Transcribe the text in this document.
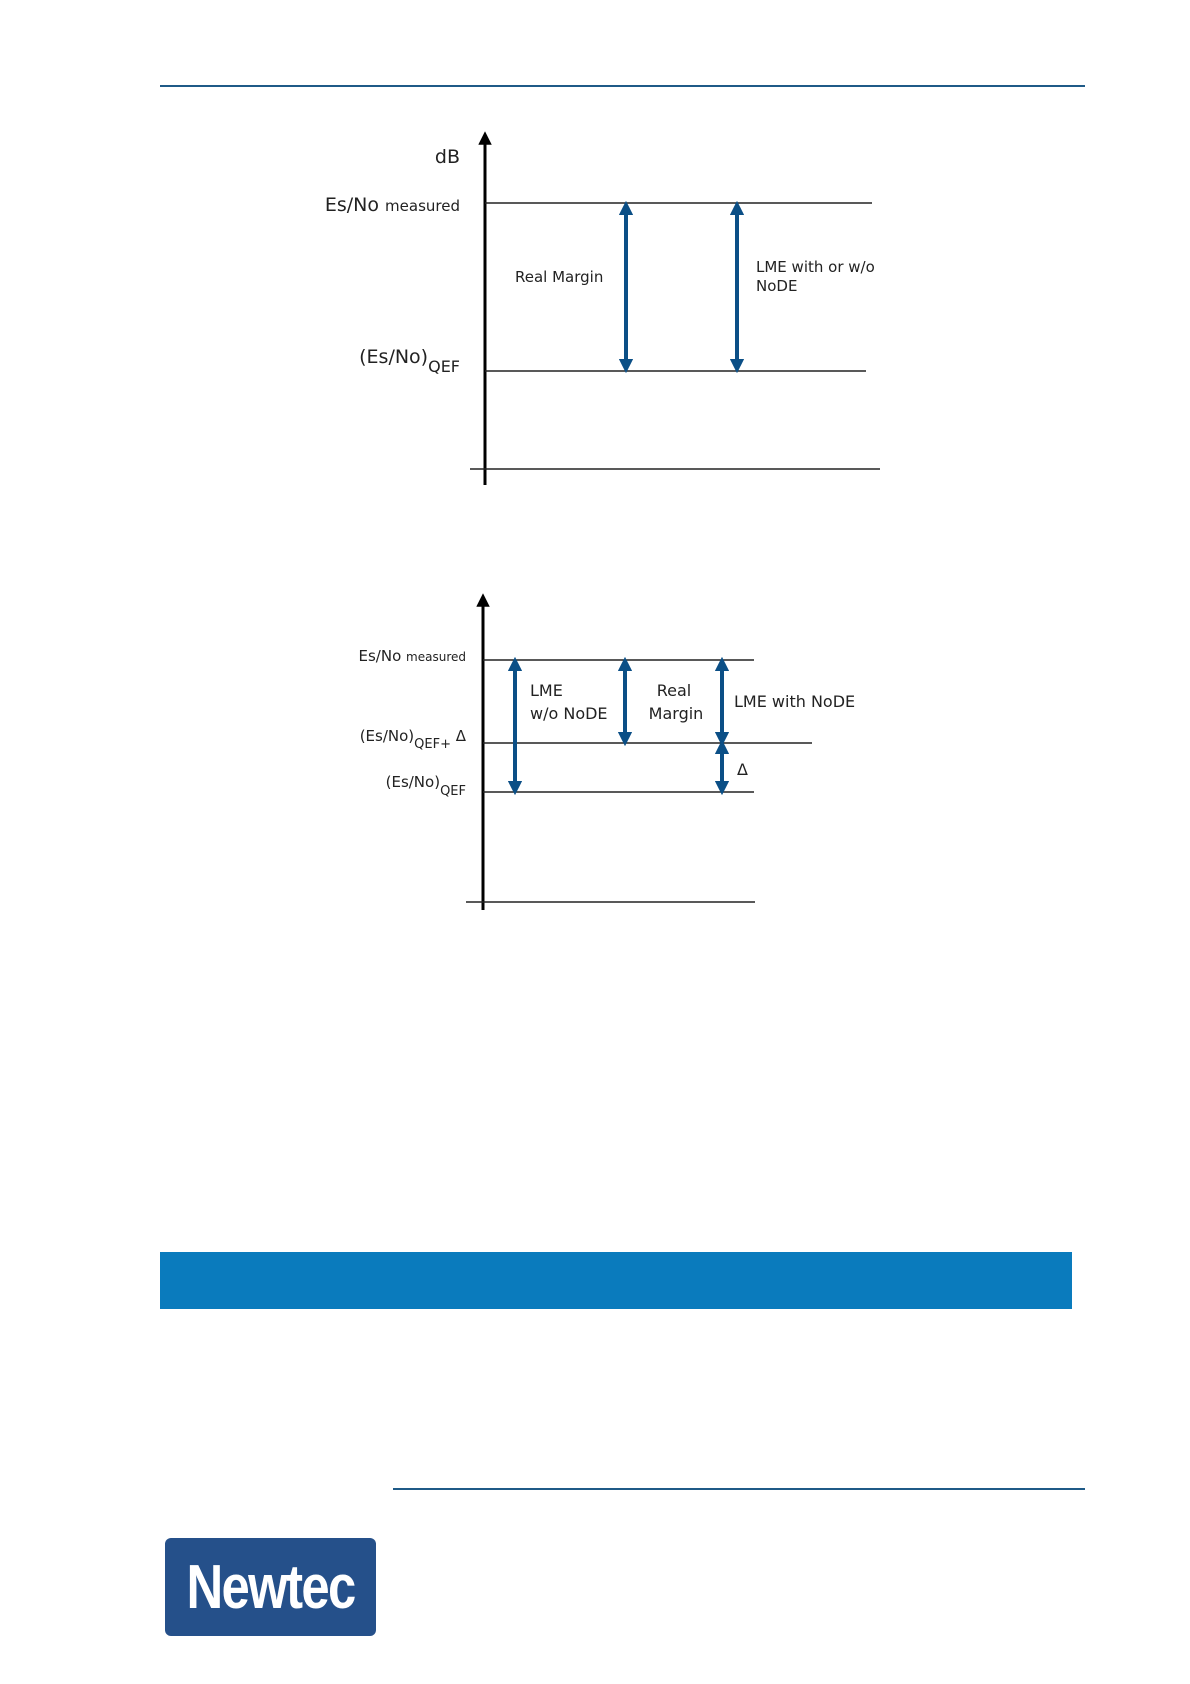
dB
Es/No measured
$(Es/No)_{QEF}$
Real Margin
LME with or w/o
NoDE
Es/No measured
(Es/No)QEF+ Δ
(Es/No)QEF
LME
w/o NoDE
Real
Margin
LME with NoDE
Δ
Newtec
